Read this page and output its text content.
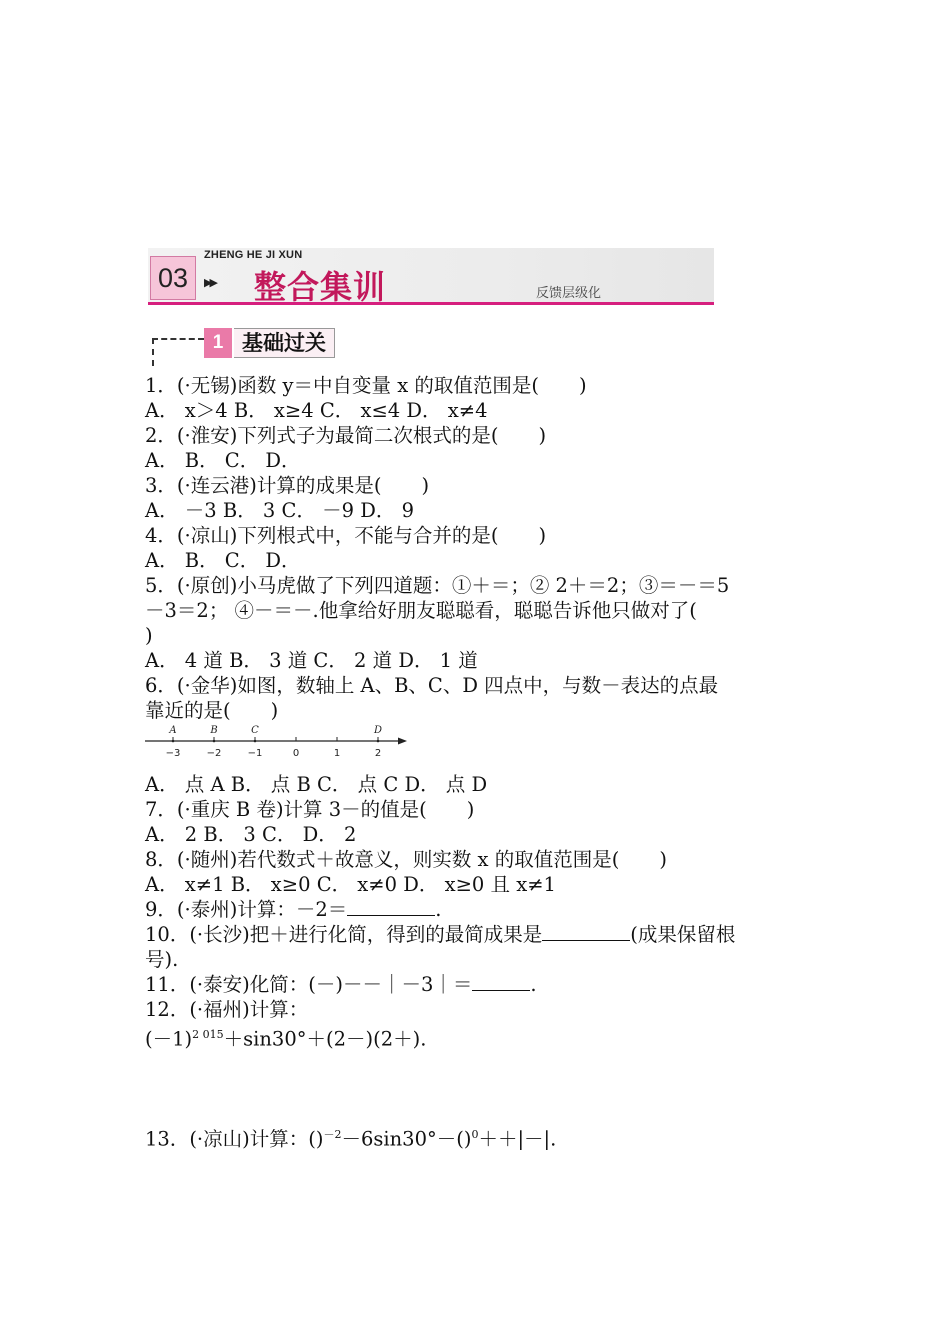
03
ZHENG HE JI XUN
▶▶ 整合集训	反馈层级化
1 基础过关
1．(·无锡)函数 y＝中自变量 x 的取值范围是( )
A． x＞4 B． x≥4 C． x≤4 D． x≠4
2．(·淮安)下列式子为最简二次根式的是( )
A． B． C． D．
3．(·连云港)计算的成果是( )
A． －3 B． 3 C． －9 D． 9
4．(·凉山)下列根式中，不能与合并的是( )
A． B． C． D．
5．(·原创)小马虎做了下列四道题：①＋＝；② 2＋＝2；③＝－＝5
－3＝2； ④－＝－.他拿给好朋友聪聪看，聪聪告诉他只做对了(
)
A． 4 道 B． 3 道 C． 2 道 D． 1 道
6．(·金华)如图，数轴上 A、B、C、D 四点中，与数－表达的点最
靠近的是( )
−3	−2	−1	0	1	2
A	B	C	D
A． 点 A B． 点 B C． 点 C D． 点 D
7．(·重庆 B 卷)计算 3－的值是( )
A． 2 B． 3 C． D． 2
8．(·随州)若代数式＋故意义，则实数 x 的取值范围是( )
A． x≠1 B． x≥0 C． x≠0 D． x≥0 且 x≠1
9．(·泰州)计算：－2＝	.
10．(·长沙)把＋进行化简，得到的最简成果是	(成果保留根
号).
11．(·泰安)化简：(－)－－｜－3｜＝	.
12．(·福州)计算：
$(-1)^{2 015}+\sin 30^\circ+(2-)(2+)$.
13．(·凉山)计算：()$^{-2}$－6sin30°－()$^0$＋＋|－|.
